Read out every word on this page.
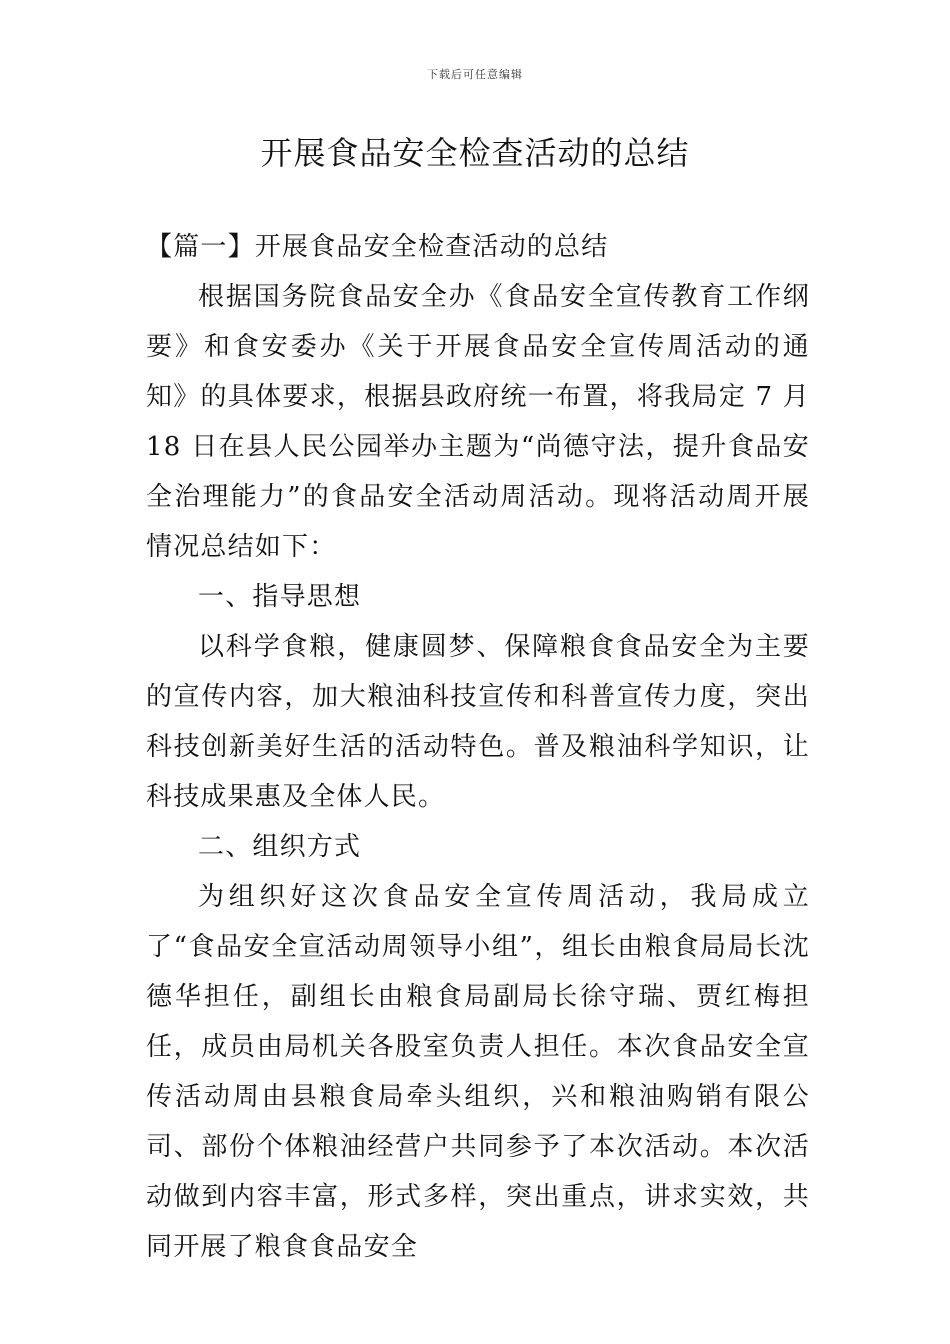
下载后可任意编辑
开展食品安全检查活动的总结

【篇一】开展食品安全检查活动的总结

根据国务院食品安全办《食品安全宣传教育工作纲要》和食安委办《关于开展食品安全宣传周活动的通知》的具体要求，根据县政府统一布置，将我局定 7 月 18 日在县人民公园举办主题为“尚德守法，提升食品安全治理能力”的食品安全活动周活动。现将活动周开展情况总结如下：

一、指导思想

以科学食粮，健康圆梦、保障粮食食品安全为主要的宣传内容，加大粮油科技宣传和科普宣传力度，突出科技创新美好生活的活动特色。普及粮油科学知识，让科技成果惠及全体人民。

二、组织方式

为组织好这次食品安全宣传周活动，我局成立了“食品安全宣活动周领导小组”，组长由粮食局局长沈德华担任，副组长由粮食局副局长徐守瑞、贾红梅担任，成员由局机关各股室负责人担任。本次食品安全宣传活动周由县粮食局牵头组织，兴和粮油购销有限公司、部份个体粮油经营户共同参予了本次活动。本次活动做到内容丰富，形式多样，突出重点，讲求实效，共同开展了粮食食品安全
